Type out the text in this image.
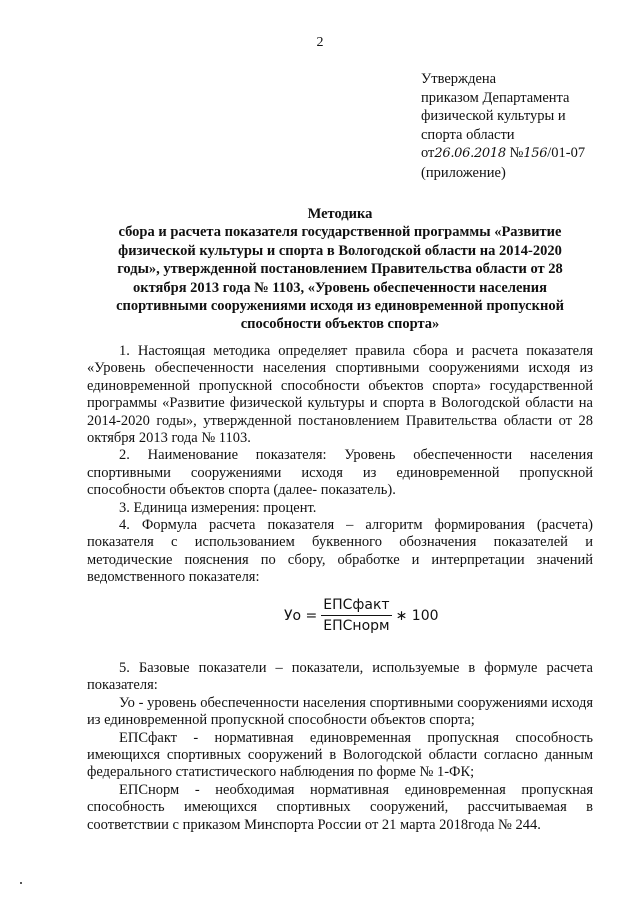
2
Утверждена
приказом Департамента
физической культуры и
спорта области
от26.06.2018 №156/01-07
(приложение)
Методика
сбора и расчета показателя государственной программы «Развитие
физической культуры и спорта в Вологодской области на 2014-2020
годы», утвержденной постановлением Правительства области от 28
октября 2013 года № 1103, «Уровень обеспеченности населения
спортивными сооружениями исходя из единовременной пропускной
способности объектов спорта»

1. Настоящая методика определяет правила сбора и расчета показателя «Уровень обеспеченности населения спортивными сооружениями исходя из единовременной пропускной способности объектов спорта» государственной программы «Развитие физической культуры и спорта в Вологодской области на 2014-2020 годы», утвержденной постановлением Правительства области от 28 октября 2013 года № 1103.

2. Наименование показателя: Уровень обеспеченности населения спортивными сооружениями исходя из единовременной пропускной способности объектов спорта (далее- показатель).

3. Единица измерения: процент.

4. Формула расчета показателя – алгоритм формирования (расчета) показателя с использованием буквенного обозначения показателей и методические пояснения по сбору, обработке и интерпретации значений ведомственного показателя:

Уо = $\frac{\text{ЕПСфакт}}{\text{ЕПСнорм}}$ ∗ 100

5. Базовые показатели – показатели, используемые в формуле расчета показателя:

Уо - уровень обеспеченности населения спортивными сооружениями исходя из единовременной пропускной способности объектов спорта;

ЕПСфакт - нормативная единовременная пропускная способность имеющихся спортивных сооружений в Вологодской области согласно данным федерального статистического наблюдения по форме № 1-ФК;

ЕПСнорм - необходимая нормативная единовременная пропускная способность имеющихся спортивных сооружений, рассчитываемая в соответствии с приказом Минспорта России от 21 марта 2018года № 244.
